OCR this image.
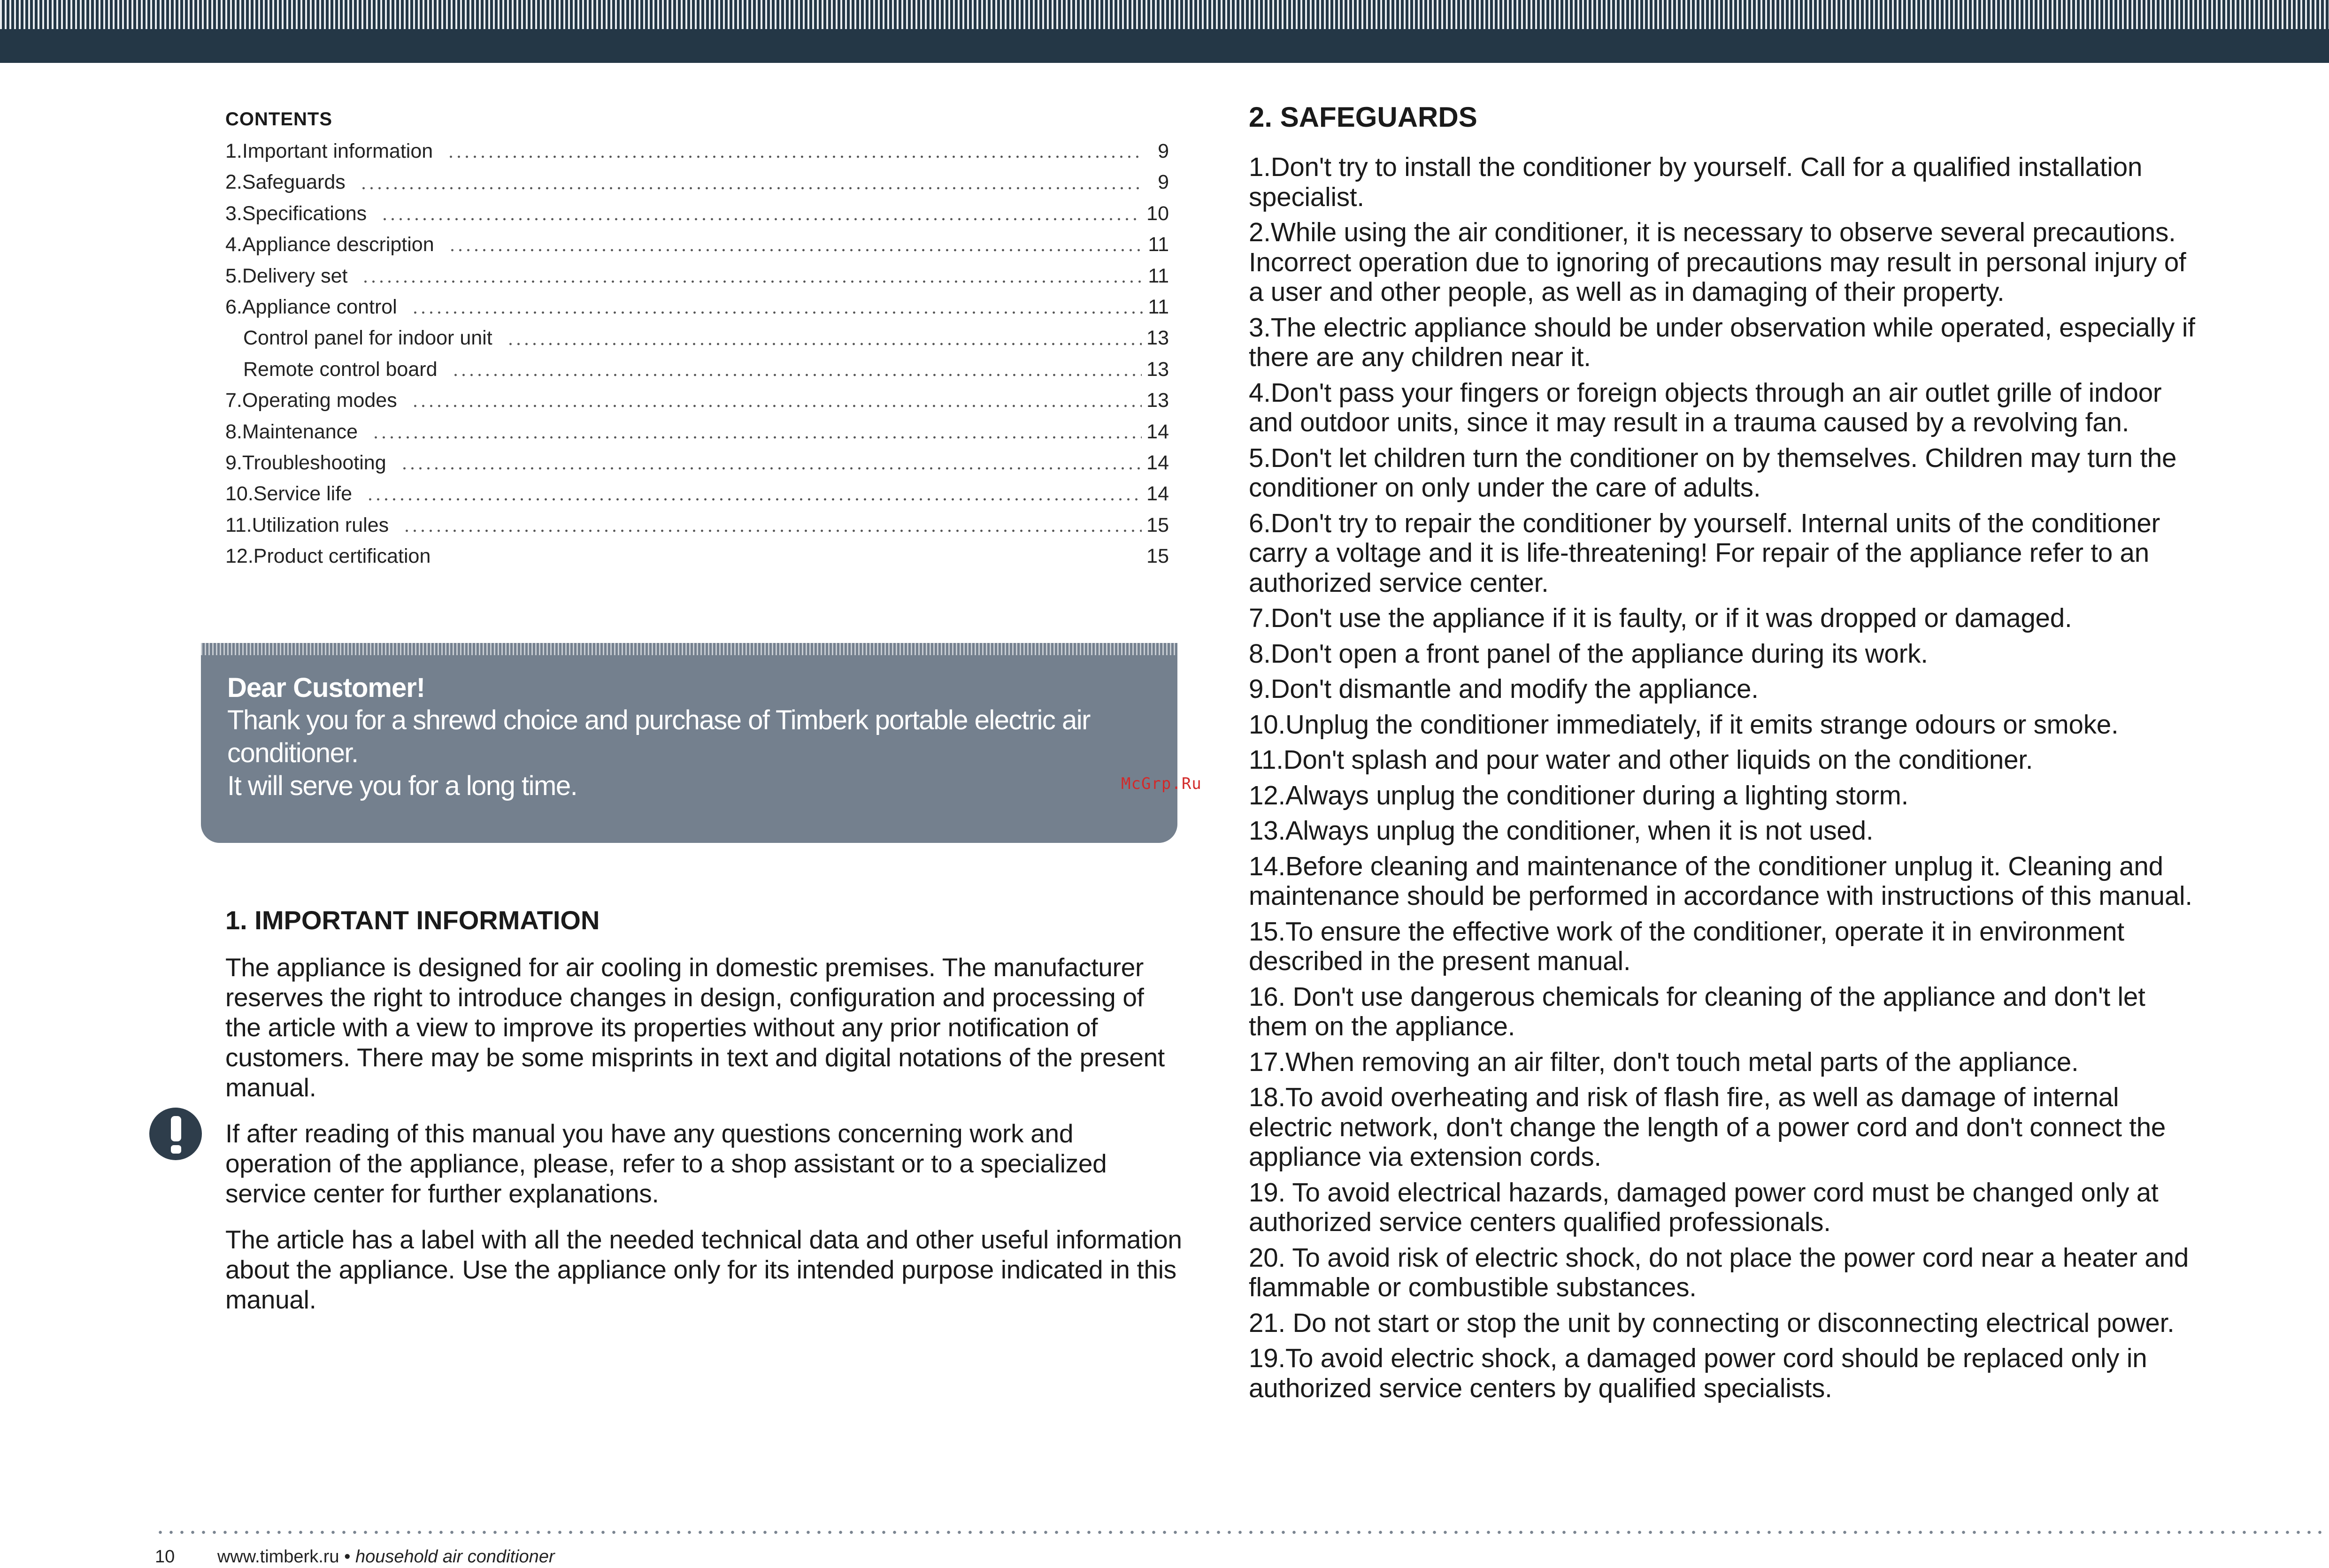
CONTENTS
1.Important information	9
2.Safeguards	9
3.Specifications	10
4.Appliance description	11
5.Delivery set	11
6.Appliance control	11
Control panel for indoor unit	13
Remote control board	13
7.Operating modes	13
8.Maintenance	14
9.Troubleshooting	14
10.Service life	14
11.Utilization rules	15
12.Product certification	15
Dear Customer!
Thank you for a shrewd choice and purchase of Timberk portable electric air conditioner.
It will serve you for a long time.	McGrp.Ru
1. IMPORTANT INFORMATION

The appliance is designed for air cooling in domestic premises. The manufacturer reserves the right to introduce changes in design, configuration and processing of the article with a view to improve its properties without any prior notification of customers. There may be some misprints in text and digital notations of the present manual.

If after reading of this manual you have any questions concerning work and operation of the appliance, please, refer to a shop assistant or to a specialized service center for further explanations.

The article has a label with all the needed technical data and other useful information about the appliance. Use the appliance only for its intended purpose indicated in this manual.

2. SAFEGUARDS

1.Don't try to install the conditioner by yourself. Call for a qualified installation specialist.

2.While using the air conditioner, it is necessary to observe several precautions. Incorrect operation due to ignoring of precautions may result in personal injury of a user and other people, as well as in damaging of their property.

3.The electric appliance should be under observation while operated, especially if there are any children near it.

4.Don't pass your fingers or foreign objects through an air outlet grille of indoor and outdoor units, since it may result in a trauma caused by a revolving fan.

5.Don't let children turn the conditioner on by themselves. Children may turn the conditioner on only under the care of adults.

6.Don't try to repair the conditioner by yourself. Internal units of the conditioner carry a voltage and it is life-threatening! For repair of the appliance refer to an authorized service center.

7.Don't use the appliance if it is faulty, or if it was dropped or damaged.

8.Don't open a front panel of the appliance during its work.

9.Don't dismantle and modify the appliance.

10.Unplug the conditioner immediately, if it emits strange odours or smoke.

11.Don't splash and pour water and other liquids on the conditioner.

12.Always unplug the conditioner during a lighting storm.

13.Always unplug the conditioner, when it is not used.

14.Before cleaning and maintenance of the conditioner unplug it. Cleaning and maintenance should be performed in accordance with instructions of this manual.

15.To ensure the effective work of the conditioner, operate it in environment described in the present manual.

16. Don't use dangerous chemicals for cleaning of the appliance and don't let them on the appliance.

17.When removing an air filter, don't touch metal parts of the appliance.

18.To avoid overheating and risk of flash fire, as well as damage of internal electric network, don't change the length of a power cord and don't connect the appliance via extension cords.

19. To avoid electrical hazards, damaged power cord must be changed only at authorized service centers qualified professionals.

20. To avoid risk of electric shock, do not place the power cord near a heater and flammable or combustible substances.

21. Do not start or stop the unit by connecting or disconnecting electrical power.

19.To avoid electric shock, a damaged power cord should be replaced only in authorized service centers by qualified specialists.

10 www.timberk.ru • household air conditioner
